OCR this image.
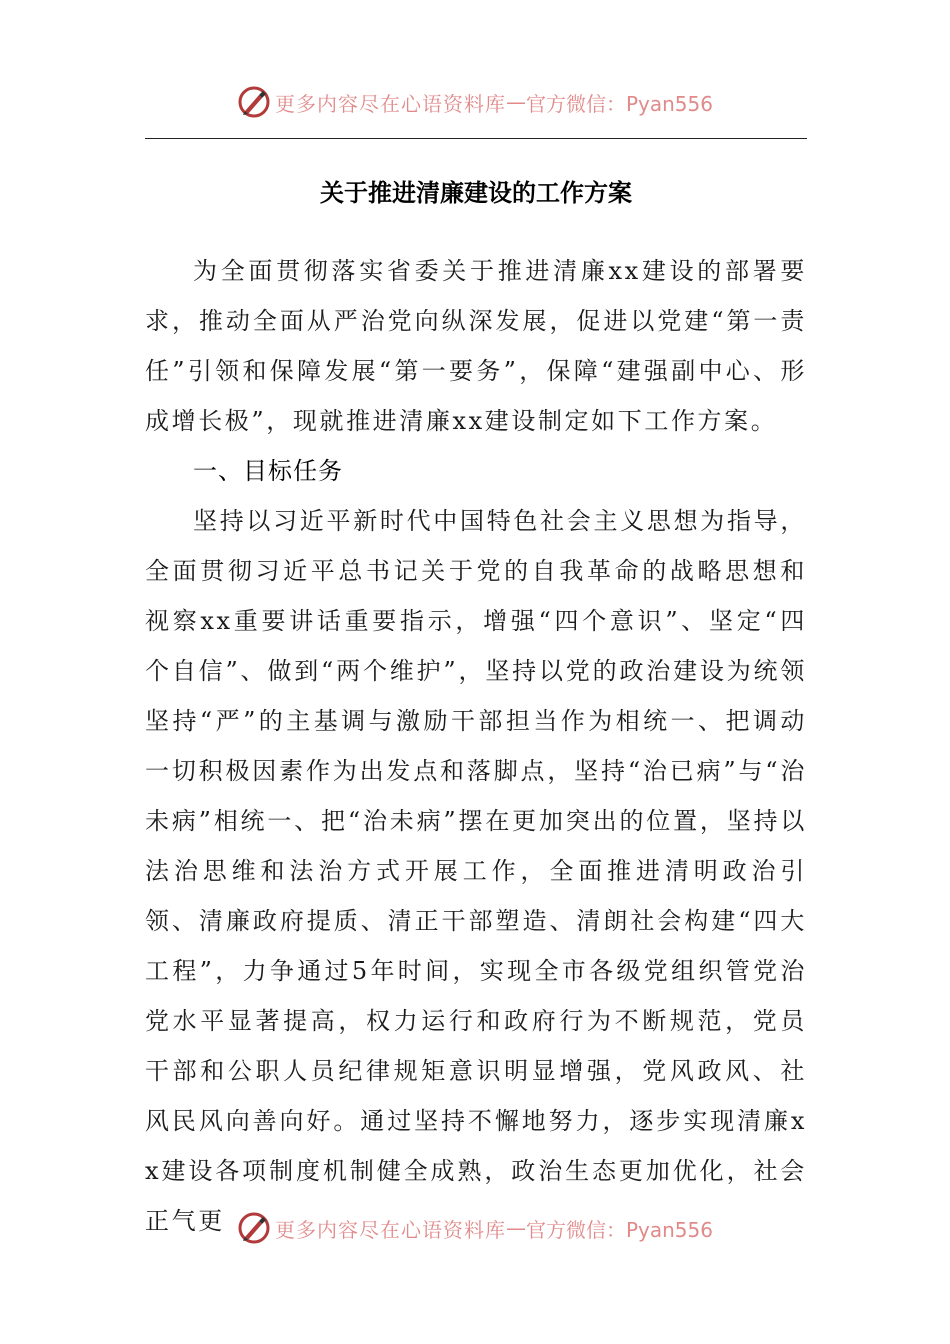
更多内容尽在心语资料库 — 官方微信：Pyan556
关于推进清廉建设的工作方案

为全面贯彻落实省委关于推进清廉xx建设的部署要求，推动全面从严治党向纵深发展，促进以党建“第一责任”引领和保障发展“第一要务”，保障“建强副中心、形成增长极”，现就推进清廉xx建设制定如下工作方案。

一、目标任务

坚持以习近平新时代中国特色社会主义思想为指导，全面贯彻习近平总书记关于党的自我革命的战略思想和视察xx重要讲话重要指示，增强“四个意识”、坚定“四个自信”、做到“两个维护”，坚持以党的政治建设为统领坚持“严”的主基调与激励干部担当作为相统一、把调动一切积极因素作为出发点和落脚点，坚持“治已病”与“治未病”相统一、把“治未病”摆在更加突出的位置，坚持以法治思维和法治方式开展工作，全面推进清明政治引领、清廉政府提质、清正干部塑造、清朗社会构建“四大工程”，力争通过5年时间，实现全市各级党组织管党治党水平显著提高，权力运行和政府行为不断规范，党员干部和公职人员纪律规矩意识明显增强，党风政风、社风民风向善向好。通过坚持不懈地努力，逐步实现清廉xx建设各项制度机制健全成熟，政治生态更加优化，社会正气更	更多内容尽在心语资料库 — 官方微信：Pyan556
